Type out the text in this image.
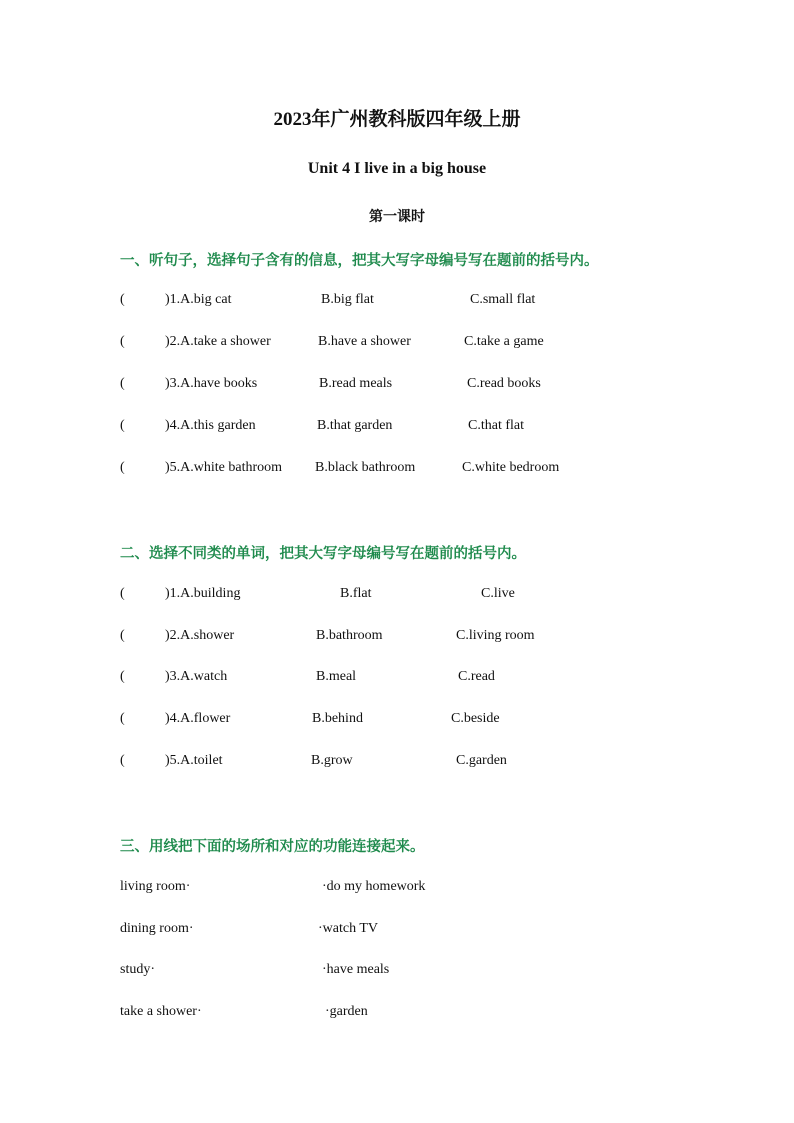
2023年广州教科版四年级上册
Unit 4 I live in a big house
第一课时
一、听句子，选择句子含有的信息，把其大写字母编号写在题前的括号内。
(	)1.A.big cat	B.big flat	C.small flat
(	)2.A.take a shower	B.have a shower	C.take a game
(	)3.A.have books	B.read meals	C.read books
(	)4.A.this garden	B.that garden	C.that flat
(	)5.A.white bathroom B.black bathroom	C.white bedroom
二、选择不同类的单词，把其大写字母编号写在题前的括号内。
(	)1.A.building	B.flat	C.live
(	)2.A.shower	B.bathroom	C.living room
(	)3.A.watch	B.meal	C.read
(	)4.A.flower	B.behind	C.beside
(	)5.A.toilet	B.grow	C.garden
三、用线把下面的场所和对应的功能连接起来。
living room·	·do my homework
dining room·	·watch TV
study·	·have meals
take a shower·	·garden
